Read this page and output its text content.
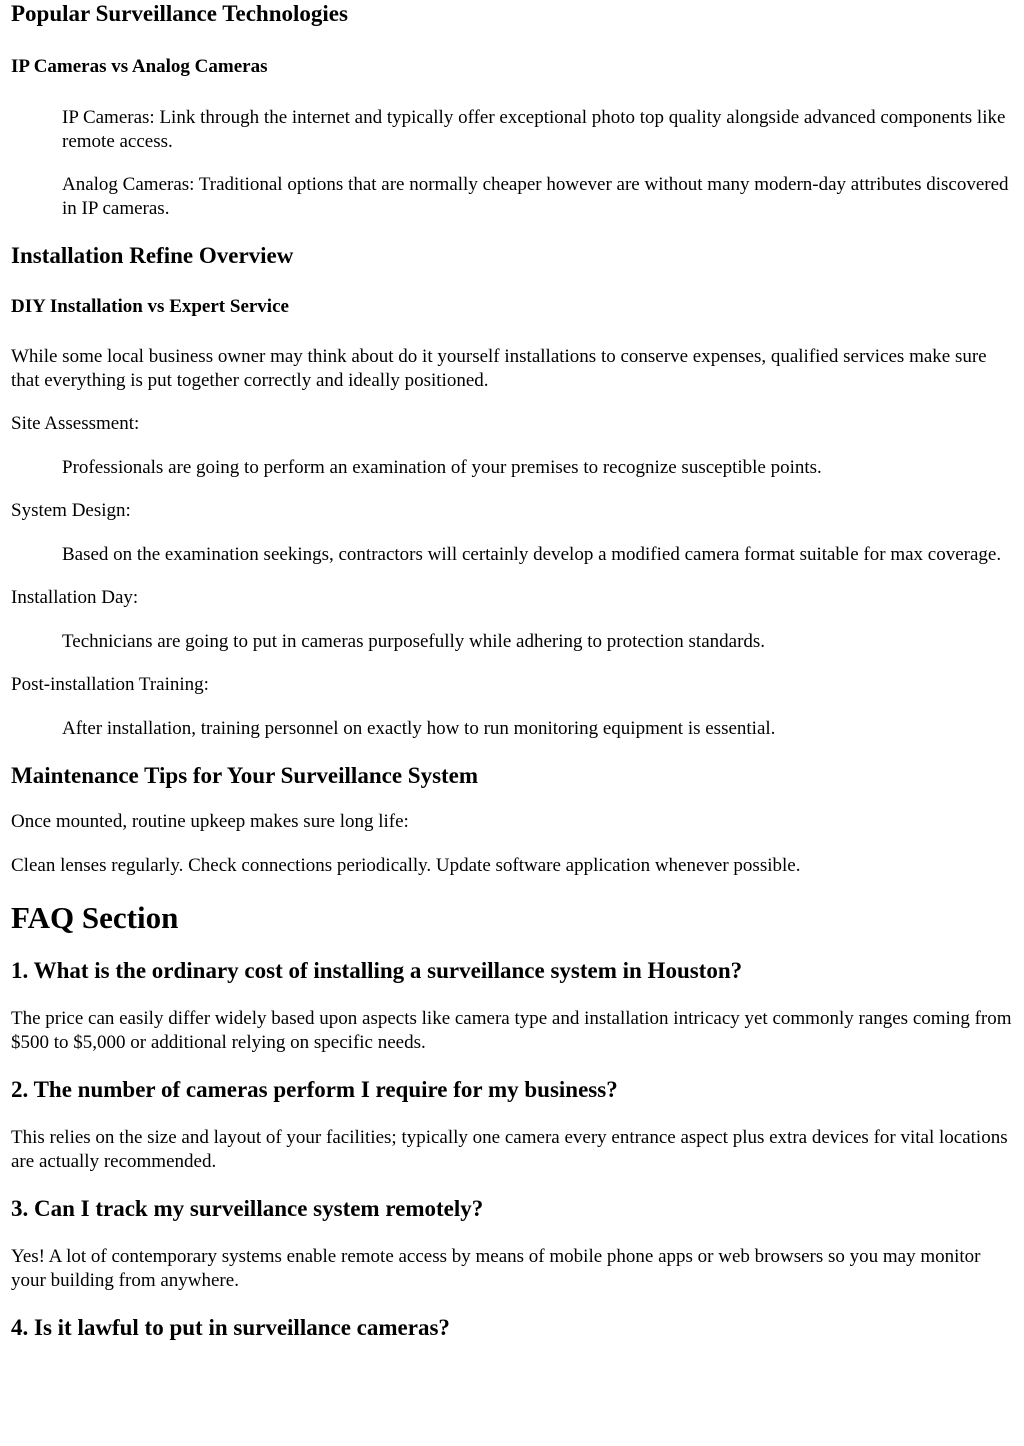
Popular Surveillance Technologies
IP Cameras vs Analog Cameras
IP Cameras: Link through the internet and typically offer exceptional photo top quality alongside advanced components like remote access.
Analog Cameras: Traditional options that are normally cheaper however are without many modern-day attributes discovered in IP cameras.
Installation Refine Overview
DIY Installation vs Expert Service

While some local business owner may think about do it yourself installations to conserve expenses, qualified services make sure that everything is put together correctly and ideally positioned.

Site Assessment:

Professionals are going to perform an examination of your premises to recognize susceptible points.

System Design:

Based on the examination seekings, contractors will certainly develop a modified camera format suitable for max coverage.

Installation Day:

Technicians are going to put in cameras purposefully while adhering to protection standards.

Post-installation Training:

After installation, training personnel on exactly how to run monitoring equipment is essential.
Maintenance Tips for Your Surveillance System

Once mounted, routine upkeep makes sure long life:

Clean lenses regularly. Check connections periodically. Update software application whenever possible.

FAQ Section
1. What is the ordinary cost of installing a surveillance system in Houston?

The price can easily differ widely based upon aspects like camera type and installation intricacy yet commonly ranges coming from $500 to $5,000 or additional relying on specific needs.

2. The number of cameras perform I require for my business?

This relies on the size and layout of your facilities; typically one camera every entrance aspect plus extra devices for vital locations are actually recommended.

3. Can I track my surveillance system remotely?

Yes! A lot of contemporary systems enable remote access by means of mobile phone apps or web browsers so you may monitor your building from anywhere.

4. Is it lawful to put in surveillance cameras?
